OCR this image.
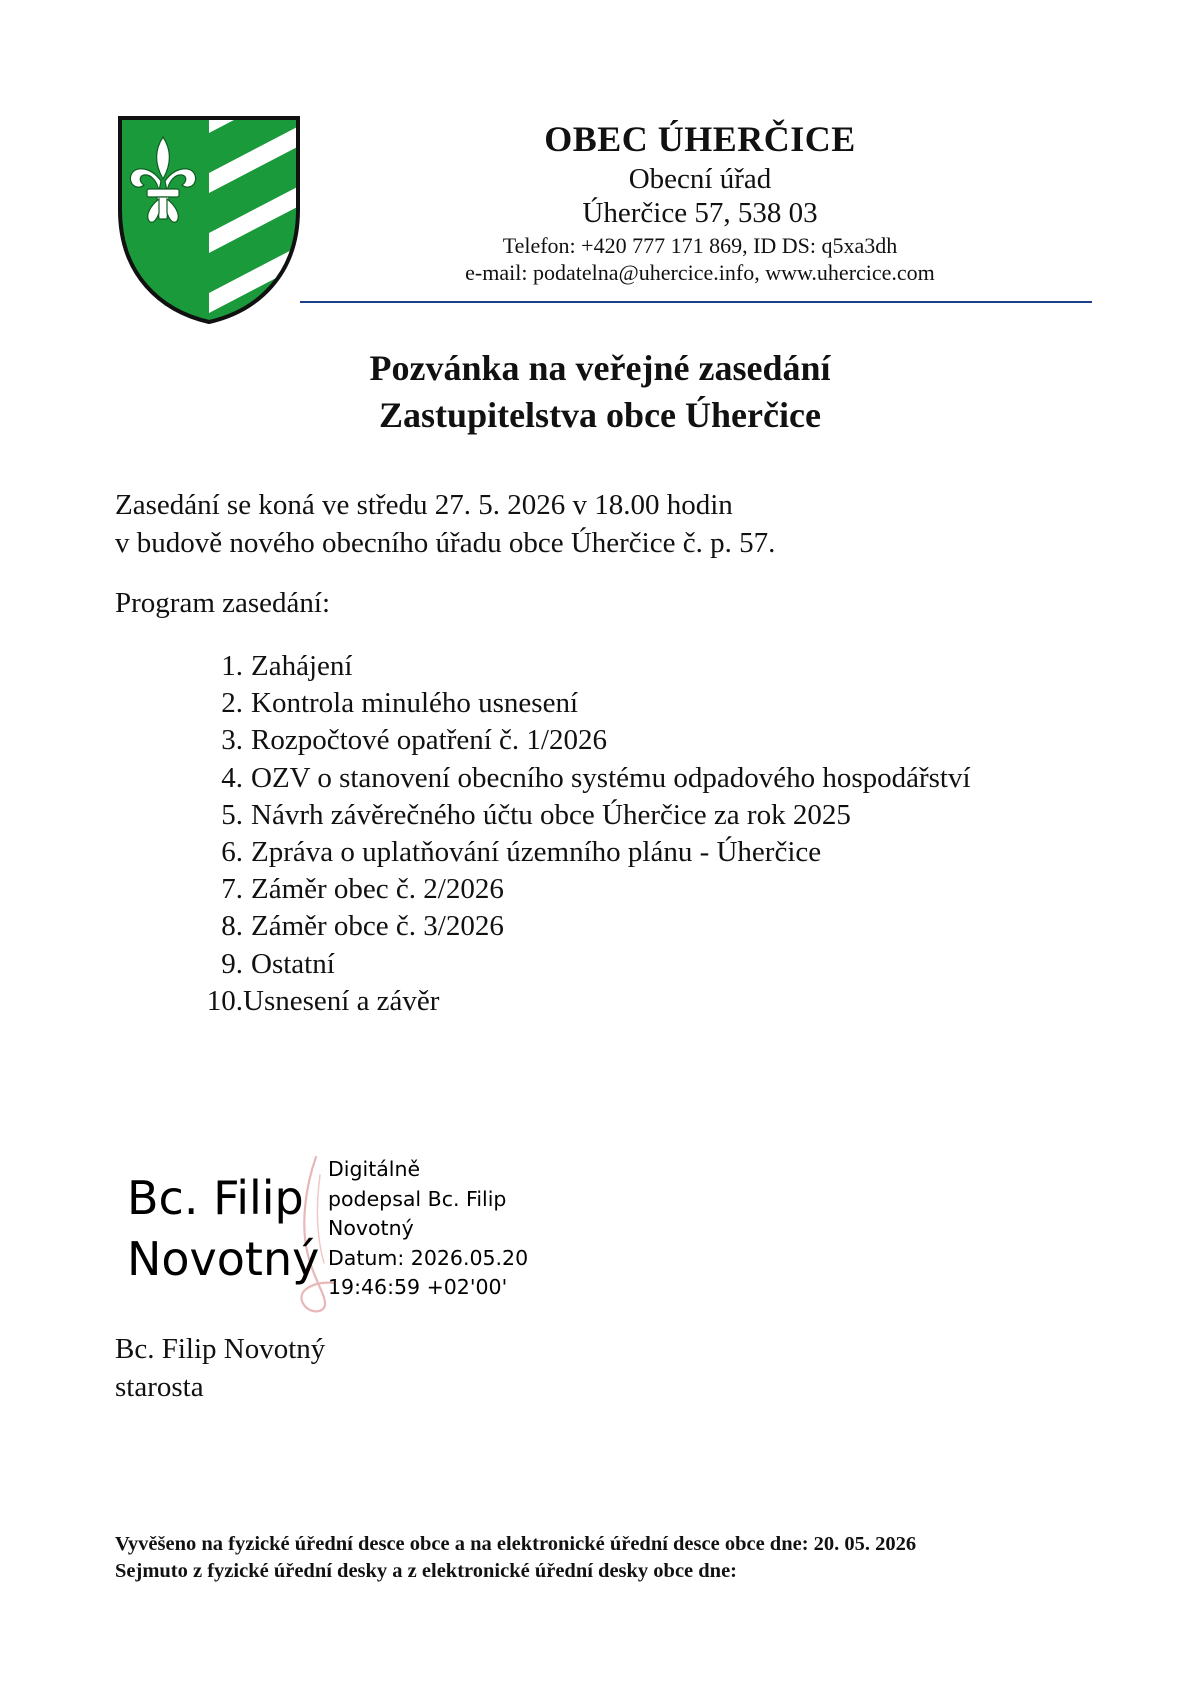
OBEC ÚHERČICE
Obecní úřad
Úherčice 57, 538 03
Telefon: +420 777 171 869, ID DS: q5xa3dh
e-mail: podatelna@uhercice.info, www.uhercice.com
Pozvánka na veřejné zasedání
Zastupitelstva obce Úherčice
Zasedání se koná ve středu 27. 5. 2026 v 18.00 hodin
v budově nového obecního úřadu obce Úherčice č. p. 57.
Program zasedání:
1. Zahájení
2. Kontrola minulého usnesení
3. Rozpočtové opatření č. 1/2026
4. OZV o stanovení obecního systému odpadového hospodářství
5. Návrh závěrečného účtu obce Úherčice za rok 2025
6. Zpráva o uplatňování územního plánu - Úherčice
7. Záměr obec č. 2/2026
8. Záměr obce č. 3/2026
9. Ostatní
10. Usnesení a závěr
Bc. Filip
Novotný
Digitálně
podepsal Bc. Filip
Novotný
Datum: 2026.05.20
19:46:59 +02'00'
Bc. Filip Novotný
starosta
Vyvěšeno na fyzické úřední desce obce a na elektronické úřední desce obce dne: 20. 05. 2026
Sejmuto z fyzické úřední desky a z elektronické úřední desky obce dne:
